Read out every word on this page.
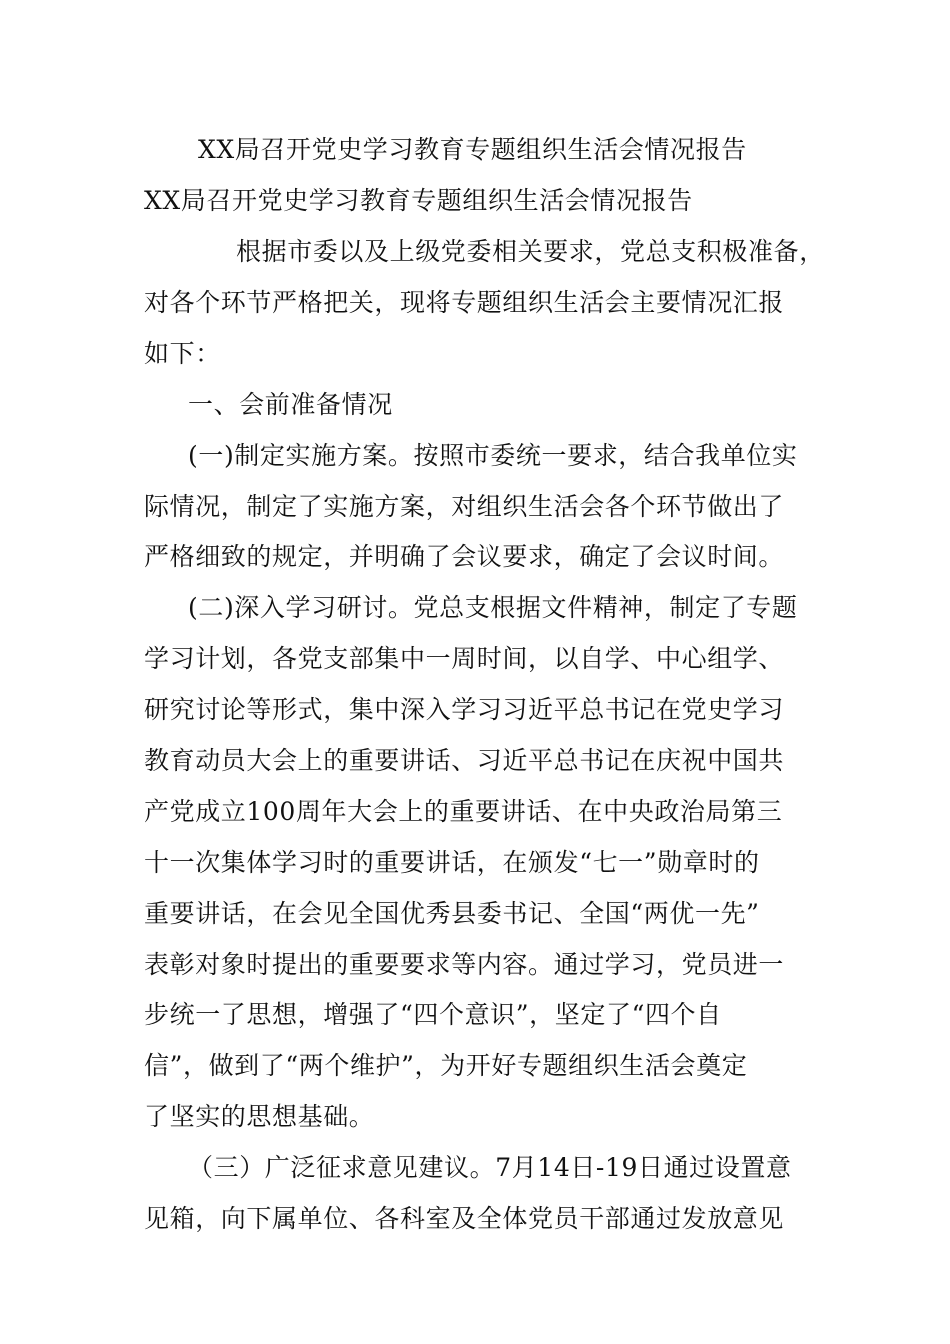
XX局召开党史学习教育专题组织生活会情况报告
XX局召开党史学习教育专题组织生活会情况报告
根据市委以及上级党委相关要求，党总支积极准备，
对各个环节严格把关，现将专题组织生活会主要情况汇报
如下：
一、会前准备情况
(一)制定实施方案。按照市委统一要求，结合我单位实
际情况，制定了实施方案，对组织生活会各个环节做出了
严格细致的规定，并明确了会议要求，确定了会议时间。
(二)深入学习研讨。党总支根据文件精神，制定了专题
学习计划，各党支部集中一周时间，以自学、中心组学、
研究讨论等形式，集中深入学习习近平总书记在党史学习
教育动员大会上的重要讲话、习近平总书记在庆祝中国共
产党成立100周年大会上的重要讲话、在中央政治局第三
十一次集体学习时的重要讲话，在颁发“七一”勋章时的
重要讲话，在会见全国优秀县委书记、全国“两优一先”
表彰对象时提出的重要要求等内容。通过学习，党员进一
步统一了思想，增强了“四个意识”，坚定了“四个自
信”，做到了“两个维护”，为开好专题组织生活会奠定
了坚实的思想基础。
（三）广泛征求意见建议。7月14日-19日通过设置意
见箱，向下属单位、各科室及全体党员干部通过发放意见
